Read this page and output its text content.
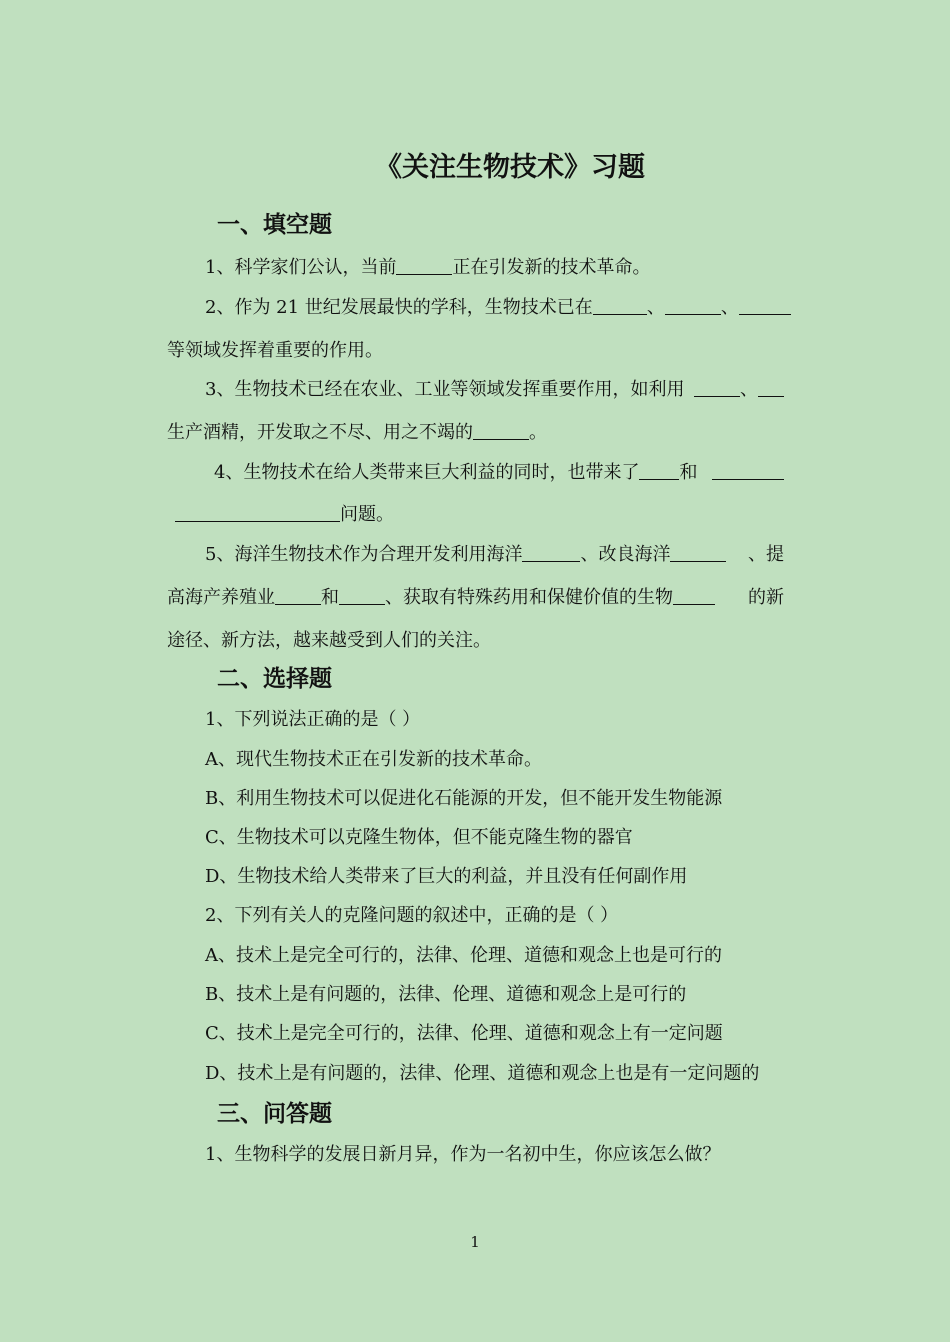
《关注生物技术》习题
一、填空题
1、科学家们公认，当前	正在引发新的技术革命。
2、作为 21 世纪发展最快的学科，生物技术已在	、	、
等领域发挥着重要的作用。
3、生物技术已经在农业、工业等领域发挥重要作用，如利用	、
生产酒精，开发取之不尽、用之不竭的	。
4、生物技术在给人类带来巨大利益的同时，也带来了 和
问题。
5、海洋生物技术作为合理开发利用海洋	、改良海洋	、提
高海产养殖业	和	、获取有特殊药用和保健价值的生物	的新
途径、新方法，越来越受到人们的关注。
二、选择题
1、下列说法正确的是（ ）
A、现代生物技术正在引发新的技术革命。
B、利用生物技术可以促进化石能源的开发，但不能开发生物能源
C、生物技术可以克隆生物体，但不能克隆生物的器官
D、生物技术给人类带来了巨大的利益，并且没有任何副作用
2、下列有关人的克隆问题的叙述中，正确的是（ ）
A、技术上是完全可行的，法律、伦理、道德和观念上也是可行的
B、技术上是有问题的，法律、伦理、道德和观念上是可行的
C、技术上是完全可行的，法律、伦理、道德和观念上有一定问题
D、技术上是有问题的，法律、伦理、道德和观念上也是有一定问题的
三、问答题
1、生物科学的发展日新月异，作为一名初中生，你应该怎么做？
1
